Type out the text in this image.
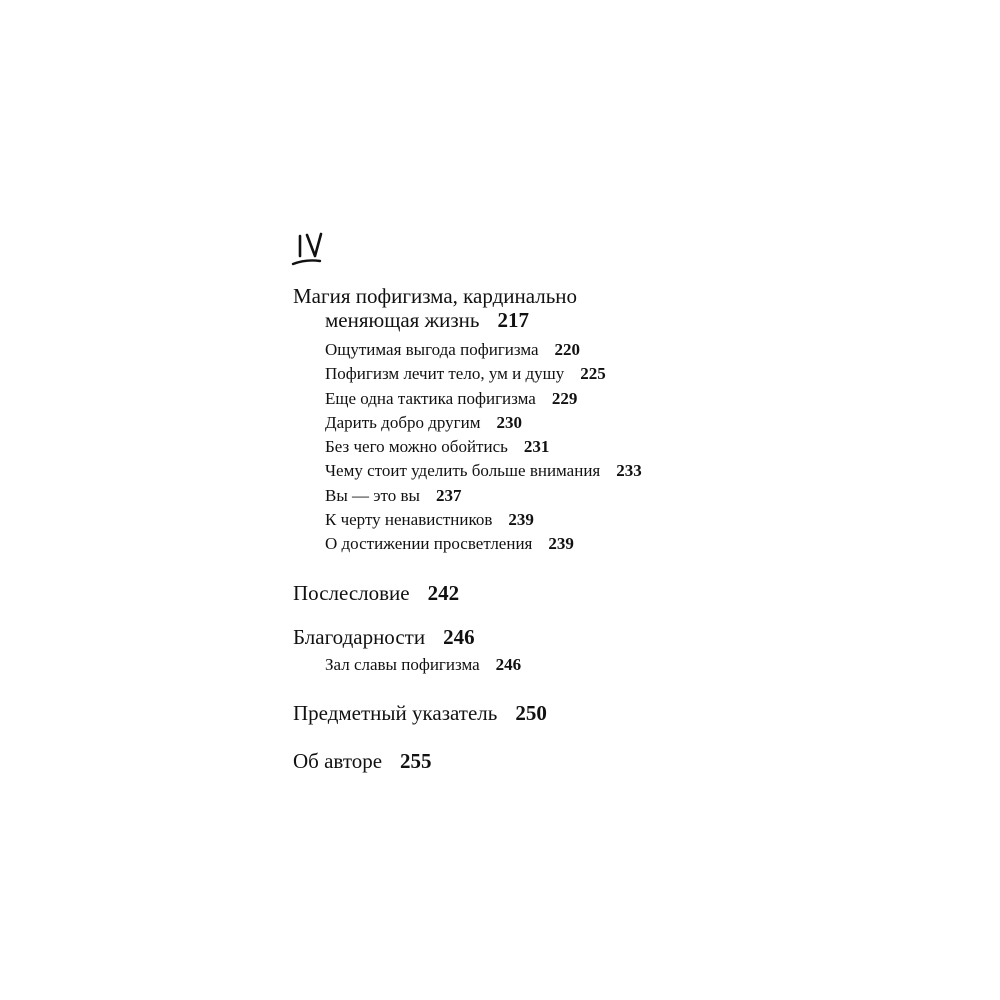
Магия пофигизма, кардинально
меняющая жизнь 217
Ощутимая выгода пофигизма 220
Пофигизм лечит тело, ум и душу 225
Еще одна тактика пофигизма 229
Дарить добро другим 230
Без чего можно обойтись 231
Чему стоит уделить больше внимания 233
Вы — это вы 237
К черту ненавистников 239
О достижении просветления 239
Послесловие 242
Благодарности 246
Зал славы пофигизма 246
Предметный указатель 250
Об авторе 255
